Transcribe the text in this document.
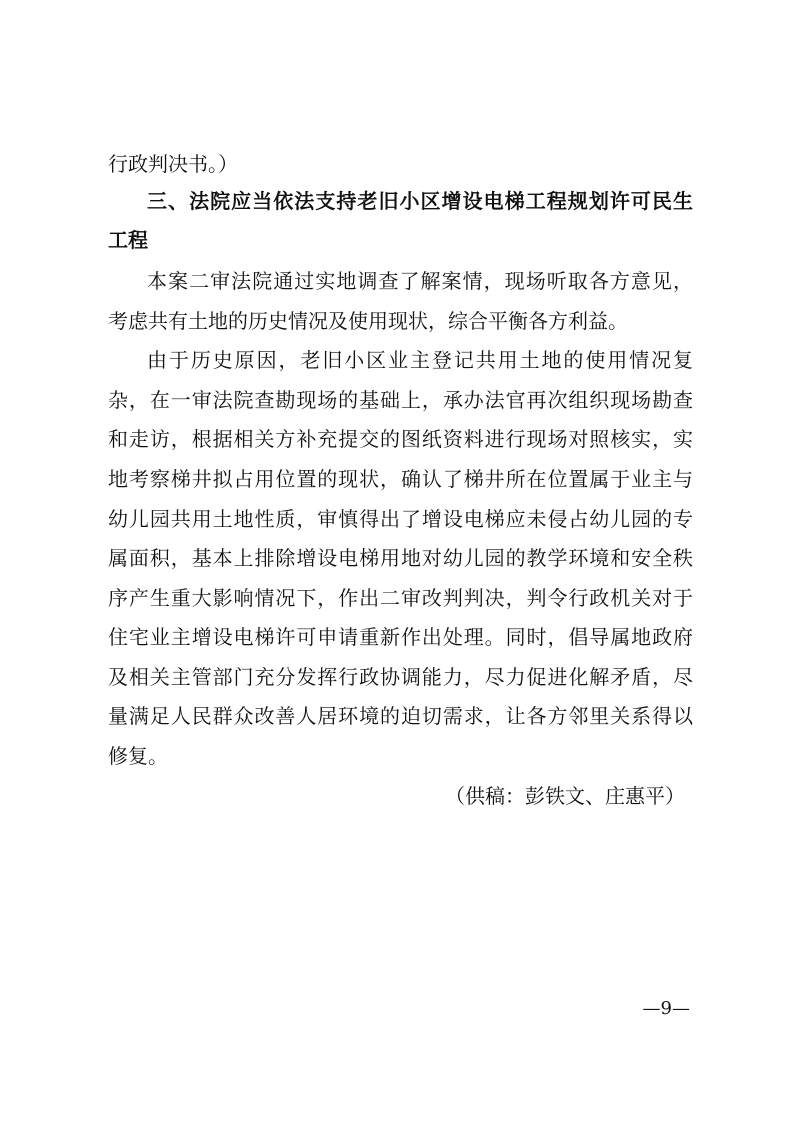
行政判决书。）
三、法院应当依法支持老旧小区增设电梯工程规划许可民生
工程
本案二审法院通过实地调查了解案情，现场听取各方意见，
考虑共有土地的历史情况及使用现状，综合平衡各方利益。
由于历史原因，老旧小区业主登记共用土地的使用情况复
杂，在一审法院查勘现场的基础上，承办法官再次组织现场勘查
和走访，根据相关方补充提交的图纸资料进行现场对照核实，实
地考察梯井拟占用位置的现状，确认了梯井所在位置属于业主与
幼儿园共用土地性质，审慎得出了增设电梯应未侵占幼儿园的专
属面积，基本上排除增设电梯用地对幼儿园的教学环境和安全秩
序产生重大影响情况下，作出二审改判判决，判令行政机关对于
住宅业主增设电梯许可申请重新作出处理。同时，倡导属地政府
及相关主管部门充分发挥行政协调能力，尽力促进化解矛盾，尽
量满足人民群众改善人居环境的迫切需求，让各方邻里关系得以
修复。
（供稿：彭铁文、庄惠平）
—9—
